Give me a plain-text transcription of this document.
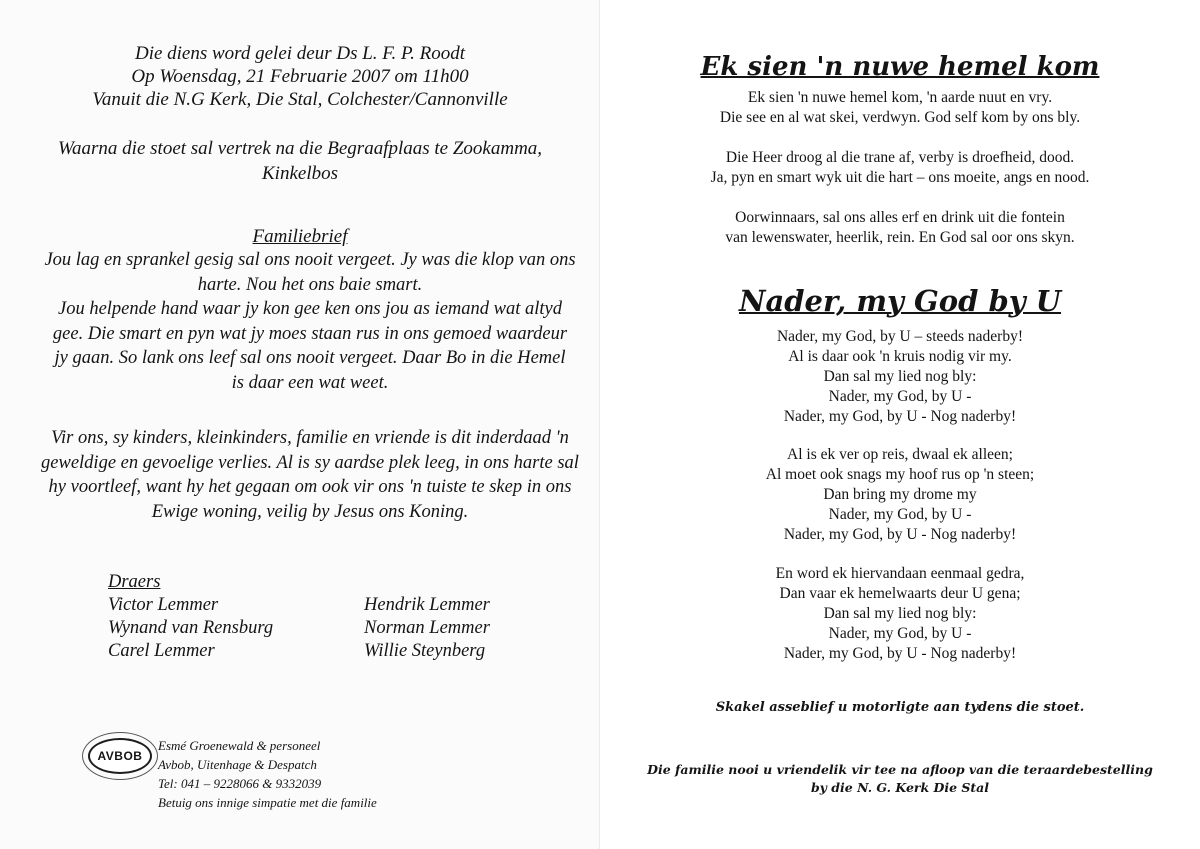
Die diens word gelei deur Ds L. F. P. Roodt
Op Woensdag, 21 Februarie 2007 om 11h00
Vanuit die N.G Kerk, Die Stal, Colchester/Cannonville
Waarna die stoet sal vertrek na die Begraafplaas te Zookamma,
Kinkelbos
Familiebrief
Jou lag en sprankel gesig sal ons nooit vergeet. Jy was die klop van ons
harte. Nou het ons baie smart.
Jou helpende hand waar jy kon gee ken ons jou as iemand wat altyd
gee. Die smart en pyn wat jy moes staan rus in ons gemoed waardeur
jy gaan. So lank ons leef sal ons nooit vergeet. Daar Bo in die Hemel
is daar een wat weet.
Vir ons, sy kinders, kleinkinders, familie en vriende is dit inderdaad 'n
geweldige en gevoelige verlies. Al is sy aardse plek leeg, in ons harte sal
hy voortleef, want hy het gegaan om ook vir ons 'n tuiste te skep in ons
Ewige woning, veilig by Jesus ons Koning.
Draers
Victor Lemmer
Wynand van Rensburg
Carel Lemmer
Hendrik Lemmer
Norman Lemmer
Willie Steynberg
AVBOB
Esmé Groenewald & personeel
Avbob, Uitenhage & Despatch
Tel: 041 – 9228066 & 9332039
Betuig ons innige simpatie met die familie
Ek sien 'n nuwe hemel kom
Ek sien 'n nuwe hemel kom, 'n aarde nuut en vry.
Die see en al wat skei, verdwyn. God self kom by ons bly.
Die Heer droog al die trane af, verby is droefheid, dood.
Ja, pyn en smart wyk uit die hart – ons moeite, angs en nood.
Oorwinnaars, sal ons alles erf en drink uit die fontein
van lewenswater, heerlik, rein. En God sal oor ons skyn.
Nader, my God by U
Nader, my God, by U – steeds naderby!
Al is daar ook 'n kruis nodig vir my.
Dan sal my lied nog bly:
Nader, my God, by U -
Nader, my God, by U - Nog naderby!
Al is ek ver op reis, dwaal ek alleen;
Al moet ook snags my hoof rus op 'n steen;
Dan bring my drome my
Nader, my God, by U -
Nader, my God, by U - Nog naderby!
En word ek hiervandaan eenmaal gedra,
Dan vaar ek hemelwaarts deur U gena;
Dan sal my lied nog bly:
Nader, my God, by U -
Nader, my God, by U - Nog naderby!
Skakel asseblief u motorligte aan tydens die stoet.
Die familie nooi u vriendelik vir tee na afloop van die teraardebestelling
by die N. G. Kerk Die Stal
